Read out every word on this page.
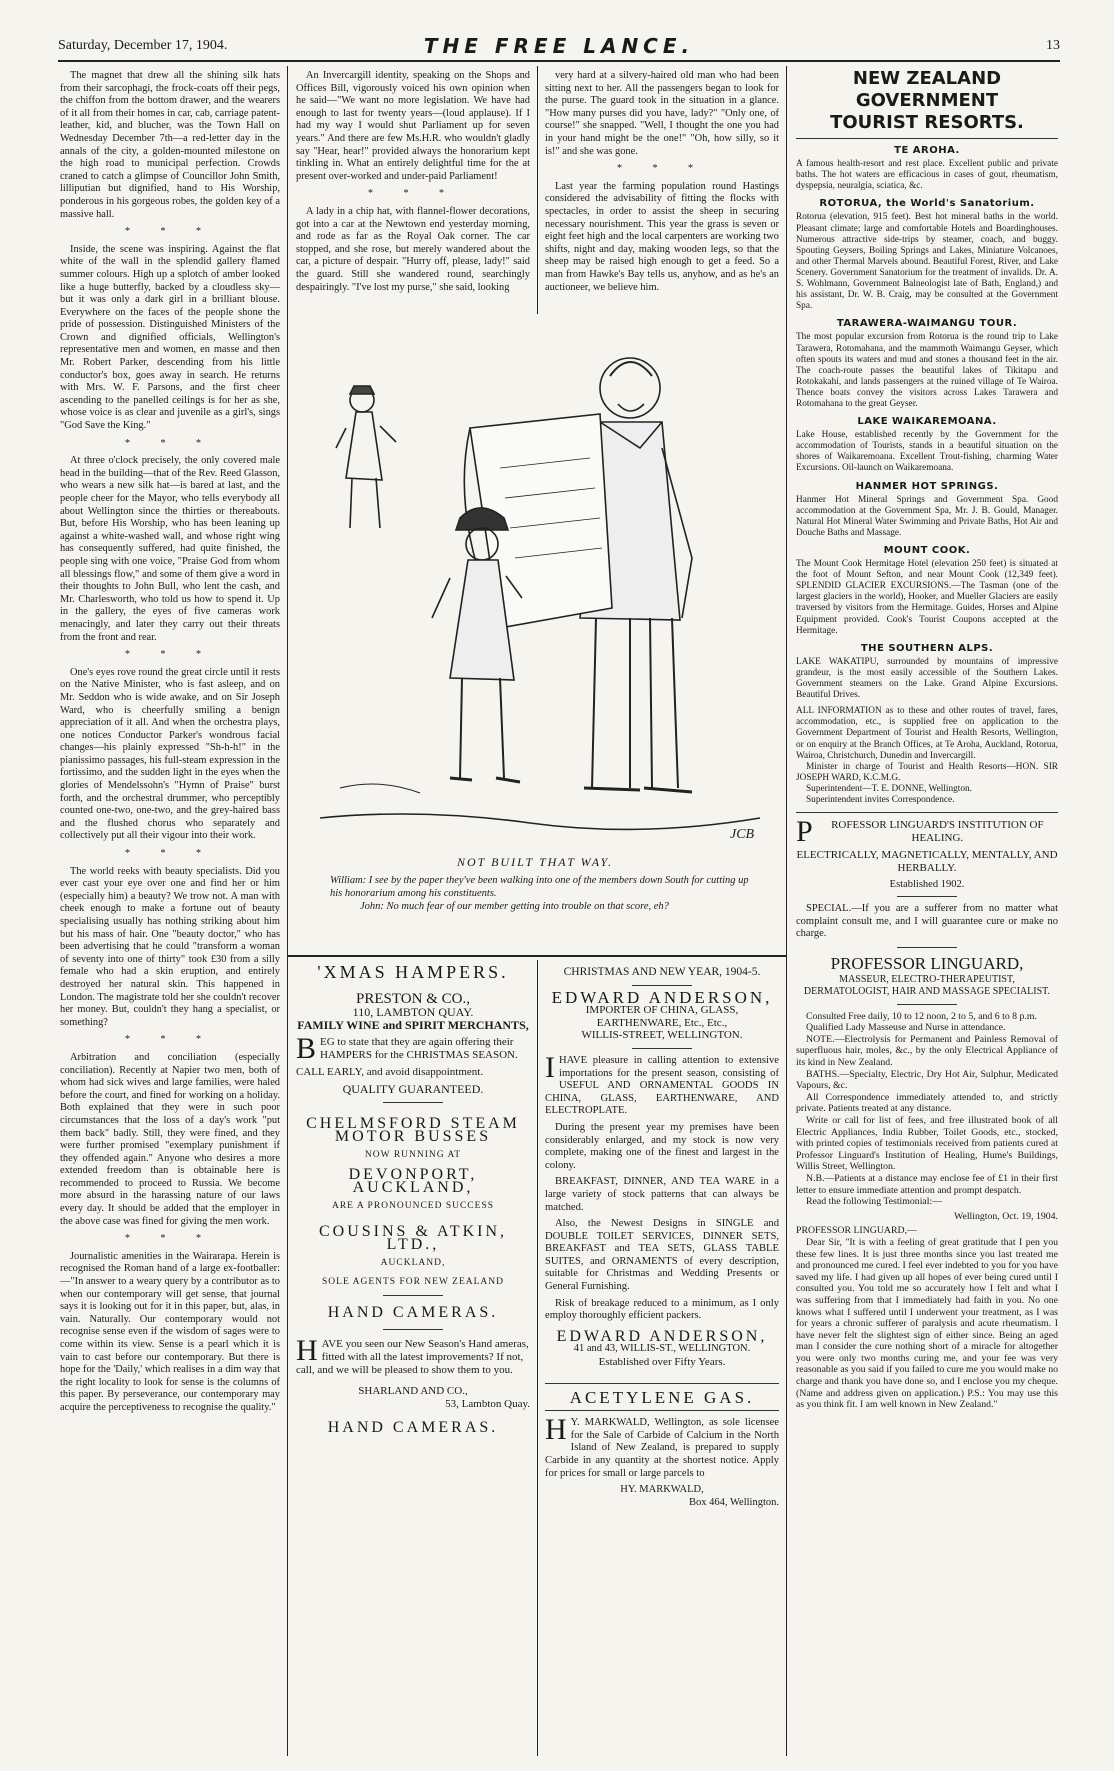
Saturday, December 17, 1904.	THE FREE LANCE.	13

The magnet that drew all the shining silk hats from their sarcophagi, the frock-coats off their pegs, the chiffon from the bottom drawer, and the wearers of it all from their homes in car, cab, carriage patent-leather, kid, and blucher, was the Town Hall on Wednesday December 7th—a red-letter day in the annals of the city, a golden-mounted milestone on the high road to municipal perfection. Crowds craned to catch a glimpse of Councillor John Smith, lilliputian but dignified, hand to His Worship, ponderous in his gorgeous robes, the golden key of a massive hall.

* * *

Inside, the scene was inspiring. Against the flat white of the wall in the splendid gallery flamed summer colours. High up a splotch of amber looked like a huge butterfly, backed by a cloudless sky—but it was only a dark girl in a brilliant blouse. Everywhere on the faces of the people shone the pride of possession. Distinguished Ministers of the Crown and dignified officials, Wellington's representative men and women, en masse and then Mr. Robert Parker, descending from his little conductor's box, goes away in search. He returns with Mrs. W. F. Parsons, and the first cheer ascending to the panelled ceilings is for her as she, whose voice is as clear and juvenile as a girl's, sings "God Save the King."

* * *

At three o'clock precisely, the only covered male head in the building—that of the Rev. Reed Glasson, who wears a new silk hat—is bared at last, and the people cheer for the Mayor, who tells everybody all about Wellington since the thirties or thereabouts. But, before His Worship, who has been leaning up against a white-washed wall, and whose right wing has consequently suffered, had quite finished, the people sing with one voice, "Praise God from whom all blessings flow," and some of them give a word in their thoughts to John Bull, who lent the cash, and Mr. Charlesworth, who told us how to spend it. Up in the gallery, the eyes of five cameras work menacingly, and later they carry out their threats from the front and rear.

* * *

One's eyes rove round the great circle until it rests on the Native Minister, who is fast asleep, and on Mr. Seddon who is wide awake, and on Sir Joseph Ward, who is cheerfully smiling a benign appreciation of it all. And when the orchestra plays, one notices Conductor Parker's wondrous facial changes—his plainly expressed "Sh-h-h!" in the pianissimo passages, his full-steam expression in the fortissimo, and the sudden light in the eyes when the glories of Mendelssohn's "Hymn of Praise" burst forth, and the orchestral drummer, who perceptibly counted one-two, one-two, and the grey-haired bass and the flushed chorus who separately and collectively put all their vigour into their work.

* * *

The world reeks with beauty specialists. Did you ever cast your eye over one and find her or him (especially him) a beauty? We trow not. A man with cheek enough to make a fortune out of beauty specialising usually has nothing striking about him but his mass of hair. One "beauty doctor," who has been advertising that he could "transform a woman of seventy into one of thirty" took £30 from a silly female who had a skin eruption, and entirely destroyed her natural skin. This happened in London. The magistrate told her she couldn't recover her money. But, couldn't they hang a specialist, or something?

* * *

Arbitration and conciliation (especially conciliation). Recently at Napier two men, both of whom had sick wives and large families, were haled before the court, and fined for working on a holiday. Both explained that they were in such poor circumstances that the loss of a day's work "put them back" badly. Still, they were fined, and they were further promised "exemplary punishment if they offended again." Anyone who desires a more extended freedom than is obtainable here is recommended to proceed to Russia. We become more absurd in the harassing nature of our laws every day. It should be added that the employer in the above case was fined for giving the men work.

* * *

Journalistic amenities in the Wairarapa. Herein is recognised the Roman hand of a large ex-footballer:—"In answer to a weary query by a contributor as to when our contemporary will get sense, that journal says it is looking out for it in this paper, but, alas, in vain. Naturally. Our contemporary would not recognise sense even if the wisdom of sages were to come within its view. Sense is a pearl which it is vain to cast before our contemporary. But there is hope for the 'Daily,' which realises in a dim way that the right locality to look for sense is the columns of this paper. By perseverance, our contemporary may acquire the perceptiveness to recognise the quality."

An Invercargill identity, speaking on the Shops and Offices Bill, vigorously voiced his own opinion when he said—"We want no more legislation. We have had enough to last for twenty years—(loud applause). If I had my way I would shut Parliament up for seven years." And there are few Ms.H.R. who wouldn't gladly say "Hear, hear!" provided always the honorarium kept tinkling in. What an entirely delightful time for the at present over-worked and under-paid Parliament!

* * *

A lady in a chip hat, with flannel-flower decorations, got into a car at the Newtown end yesterday morning, and rode as far as the Royal Oak corner. The car stopped, and she rose, but merely wandered about the car, a picture of despair. "Hurry off, please, lady!" said the guard. Still she wandered round, searchingly despairingly. "I've lost my purse," she said, looking

very hard at a silvery-haired old man who had been sitting next to her. All the passengers began to look for the purse. The guard took in the situation in a glance. "How many purses did you have, lady?" "Only one, of course!" she snapped. "Well, I thought the one you had in your hand might be the one!" "Oh, how silly, so it is!" and she was gone.

* * *

Last year the farming population round Hastings considered the advisability of fitting the flocks with spectacles, in order to assist the sheep in securing necessary nourishment. This year the grass is seven or eight feet high and the local carpenters are working two shifts, night and day, making wooden legs, so that the sheep may be raised high enough to get a feed. So a man from Hawke's Bay tells us, anyhow, and as he's an auctioneer, we believe him.

JCB
NOT BUILT THAT WAY.
William: I see by the paper they've been walking into one of the members down South for cutting up his honorarium among his constituents.
John: No much fear of our member getting into trouble on that score, eh?
'XMAS HAMPERS.
PRESTON & CO.,
110, LAMBTON QUAY.
FAMILY WINE and SPIRIT MERCHANTS,

BEG to state that they are again offering their HAMPERS for the CHRISTMAS SEASON.

CALL EARLY, and avoid disappointment.

QUALITY GUARANTEED.
CHELMSFORD STEAM
MOTOR BUSSES
NOW RUNNING AT
DEVONPORT, AUCKLAND,
ARE A PRONOUNCED SUCCESS
COUSINS & ATKIN, LTD.,
AUCKLAND,
SOLE AGENTS FOR NEW ZEALAND
HAND CAMERAS.

HAVE you seen our New Season's Hand ameras, fitted with all the latest improvements? If not, call, and we will be pleased to show them to you.

SHARLAND AND CO.,
53, Lambton Quay.
HAND CAMERAS.
CHRISTMAS AND NEW YEAR, 1904-5.
EDWARD ANDERSON,
IMPORTER OF CHINA, GLASS, EARTHENWARE, Etc., Etc.,
WILLIS-STREET, WELLINGTON.

IHAVE pleasure in calling attention to extensive importations for the present season, consisting of USEFUL AND ORNAMENTAL GOODS IN CHINA, GLASS, EARTHENWARE, AND ELECTROPLATE.

During the present year my premises have been considerably enlarged, and my stock is now very complete, making one of the finest and largest in the colony.

BREAKFAST, DINNER, AND TEA WARE in a large variety of stock patterns that can always be matched.

Also, the Newest Designs in SINGLE and DOUBLE TOILET SERVICES, DINNER SETS, BREAKFAST and TEA SETS, GLASS TABLE SUITES, and ORNAMENTS of every description, suitable for Christmas and Wedding Presents or General Furnishing.

Risk of breakage reduced to a minimum, as I only employ thoroughly efficient packers.

EDWARD ANDERSON,
41 and 43, WILLIS-ST., WELLINGTON.
Established over Fifty Years.
ACETYLENE GAS.

HY. MARKWALD, Wellington, as sole licensee for the Sale of Carbide of Calcium in the North Island of New Zealand, is prepared to supply Carbide in any quantity at the shortest notice. Apply for prices for small or large parcels to

HY. MARKWALD,
Box 464, Wellington.
NEW ZEALAND GOVERNMENT
TOURIST RESORTS.
TE AROHA.
A famous health-resort and rest place. Excellent public and private baths. The hot waters are efficacious in cases of gout, rheumatism, dyspepsia, neuralgia, sciatica, &c.
ROTORUA, the World's Sanatorium.
Rotorua (elevation, 915 feet). Best hot mineral baths in the world. Pleasant climate; large and comfortable Hotels and Boardinghouses. Numerous attractive side-trips by steamer, coach, and buggy. Spouting Geysers, Boiling Springs and Lakes, Miniature Volcanoes, and other Thermal Marvels abound. Beautiful Forest, River, and Lake Scenery. Government Sanatorium for the treatment of invalids. Dr. A. S. Wohlmann, Government Balneologist late of Bath, England,) and his assistant, Dr. W. B. Craig, may be consulted at the Government Spa.
TARAWERA-WAIMANGU TOUR.
The most popular excursion from Rotorua is the round trip to Lake Tarawera, Rotomahana, and the mammoth Waimangu Geyser, which often spouts its waters and mud and stones a thousand feet in the air. The coach-route passes the beautiful lakes of Tikitapu and Rotokakahi, and lands passengers at the ruined village of Te Wairoa. Thence boats convey the visitors across Lakes Tarawera and Rotomahana to the great Geyser.
LAKE WAIKAREMOANA.
Lake House, established recently by the Government for the accommodation of Tourists, stands in a beautiful situation on the shores of Waikaremoana. Excellent Trout-fishing, charming Water Excursions. Oil-launch on Waikaremoana.
HANMER HOT SPRINGS.
Hanmer Hot Mineral Springs and Government Spa. Good accommodation at the Government Spa, Mr. J. B. Gould, Manager. Natural Hot Mineral Water Swimming and Private Baths, Hot Air and Douche Baths and Massage.
MOUNT COOK.
The Mount Cook Hermitage Hotel (elevation 250 feet) is situated at the foot of Mount Sefton, and near Mount Cook (12,349 feet). SPLENDID GLACIER EXCURSIONS.—The Tasman (one of the largest glaciers in the world), Hooker, and Mueller Glaciers are easily traversed by visitors from the Hermitage. Guides, Horses and Alpine Equipment provided. Cook's Tourist Coupons accepted at the Hermitage.
THE SOUTHERN ALPS.
LAKE WAKATIPU, surrounded by mountains of impressive grandeur, is the most easily accessible of the Southern Lakes. Government steamers on the Lake. Grand Alpine Excursions. Beautiful Drives.
ALL INFORMATION as to these and other routes of travel, fares, accommodation, etc., is supplied free on application to the Government Department of Tourist and Health Resorts, Wellington, or on enquiry at the Branch Offices, at Te Aroha, Auckland, Rotorua, Wairoa, Christchurch, Dunedin and Invercargill.
Minister in charge of Tourist and Health Resorts—HON. SIR JOSEPH WARD, K.C.M.G.
Superintendent—T. E. DONNE, Wellington.
Superintendent invites Correspondence.
PROFESSOR LINGUARD'S INSTITUTION OF HEALING.
ELECTRICALLY, MAGNETICALLY, MENTALLY, AND HERBALLY.
Established 1902.
SPECIAL.—If you are a sufferer from no matter what complaint consult me, and I will guarantee cure or make no charge.
PROFESSOR LINGUARD,
MASSEUR, ELECTRO-THERAPEUTIST, DERMATOLOGIST, HAIR AND MASSAGE SPECIALIST.
Consulted Free daily, 10 to 12 noon, 2 to 5, and 6 to 8 p.m.
Qualified Lady Masseuse and Nurse in attendance.
NOTE.—Electrolysis for Permanent and Painless Removal of superfluous hair, moles, &c., by the only Electrical Appliance of its kind in New Zealand.
BATHS.—Specialty, Electric, Dry Hot Air, Sulphur, Medicated Vapours, &c.
All Correspondence immediately attended to, and strictly private. Patients treated at any distance.
Write or call for list of fees, and free illustrated book of all Electric Appliances, India Rubber, Toilet Goods, etc., stocked, with printed copies of testimonials received from patients cured at Professor Linguard's Institution of Healing, Hume's Buildings, Willis Street, Wellington.
N.B.—Patients at a distance may enclose fee of £1 in their first letter to ensure immediate attention and prompt despatch.
Read the following Testimonial:—
Wellington, Oct. 19, 1904.
PROFESSOR LINGUARD,—
Dear Sir, "It is with a feeling of great gratitude that I pen you these few lines. It is just three months since you last treated me and pronounced me cured. I feel ever indebted to you for you have saved my life. I had given up all hopes of ever being cured until I consulted you. You told me so accurately how I felt and what I was suffering from that I immediately had faith in you. No one knows what I suffered until I underwent your treatment, as I was for years a chronic sufferer of paralysis and acute rheumatism. I have never felt the slightest sign of either since. Being an aged man I consider the cure nothing short of a miracle for altogether you were only two months curing me, and your fee was very reasonable as you said if you failed to cure me you would make no charge and thank you have done so, and I enclose you my cheque. (Name and address given on application.) P.S.: You may use this as you think fit. I am well known in New Zealand."
